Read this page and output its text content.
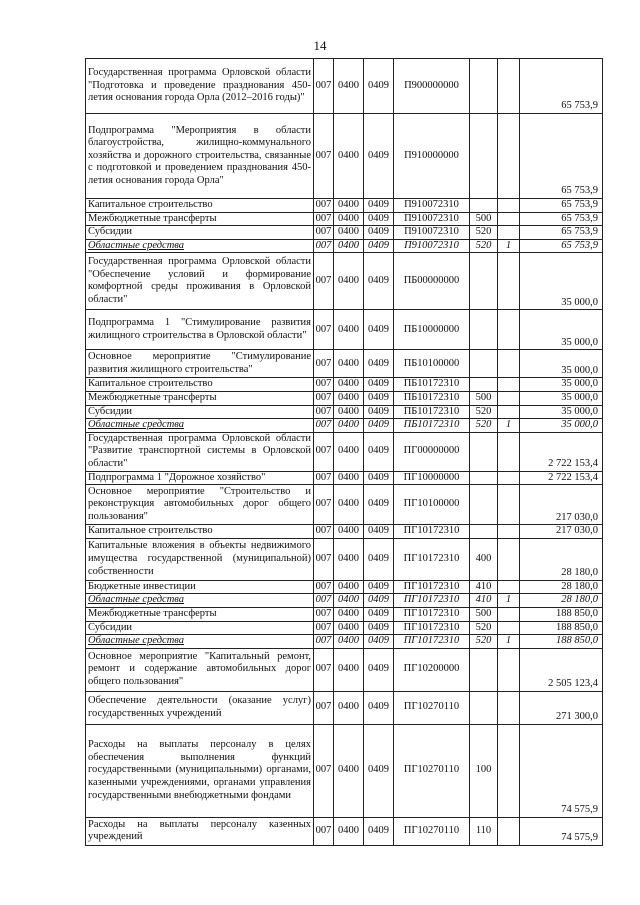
14
Государственная программа Орловской области "Подготовка и проведение празднования 450-летия основания города Орла (2012–2016 годы)"	007	0400	0409	П900000000			65 753,9
Подпрограмма "Мероприятия в области благоустройства, жилищно-коммунального хозяйства и дорожного строительства, связанные с подготовкой и проведением празднования 450-летия основания города Орла"	007	0400	0409	П910000000			65 753,9
Капитальное строительство	007	0400	0409	П910072310			65 753,9
Межбюджетные трансферты	007	0400	0409	П910072310	500		65 753,9
Субсидии	007	0400	0409	П910072310	520		65 753,9
Областные средства	007	0400	0409	П910072310	520	1	65 753,9
Государственная программа Орловской области "Обеспечение условий и формирование комфортной среды проживания в Орловской области"	007	0400	0409	ПБ00000000			35 000,0
Подпрограмма 1 "Стимулирование развития жилищного строительства в Орловской области"	007	0400	0409	ПБ10000000			35 000,0
Основное мероприятие "Стимулирование развития жилищного строительства"	007	0400	0409	ПБ10100000			35 000,0
Капитальное строительство	007	0400	0409	ПБ10172310			35 000,0
Межбюджетные трансферты	007	0400	0409	ПБ10172310	500		35 000,0
Субсидии	007	0400	0409	ПБ10172310	520		35 000,0
Областные средства	007	0400	0409	ПБ10172310	520	1	35 000,0
Государственная программа Орловской области "Развитие транспортной системы в Орловской области"	007	0400	0409	ПГ00000000			2 722 153,4
Подпрограмма 1 "Дорожное хозяйство"	007	0400	0409	ПГ10000000			2 722 153,4
Основное мероприятие "Строительство и реконструкция автомобильных дорог общего пользования"	007	0400	0409	ПГ10100000			217 030,0
Капитальное строительство	007	0400	0409	ПГ10172310			217 030,0
Капитальные вложения в объекты недвижимого имущества государственной (муниципальной) собственности	007	0400	0409	ПГ10172310	400		28 180,0
Бюджетные инвестиции	007	0400	0409	ПГ10172310	410		28 180,0
Областные средства	007	0400	0409	ПГ10172310	410	1	28 180,0
Межбюджетные трансферты	007	0400	0409	ПГ10172310	500		188 850,0
Субсидии	007	0400	0409	ПГ10172310	520		188 850,0
Областные средства	007	0400	0409	ПГ10172310	520	1	188 850,0
Основное мероприятие "Капитальный ремонт, ремонт и содержание автомобильных дорог общего пользования"	007	0400	0409	ПГ10200000			2 505 123,4
Обеспечение деятельности (оказание услуг) государственных учреждений	007	0400	0409	ПГ10270110			271 300,0
Расходы на выплаты персоналу в целях обеспечения выполнения функций государственными (муниципальными) органами, казенными учреждениями, органами управления государственными внебюджетными фондами	007	0400	0409	ПГ10270110	100		74 575,9
Расходы на выплаты персоналу казенных учреждений	007	0400	0409	ПГ10270110	110		74 575,9
